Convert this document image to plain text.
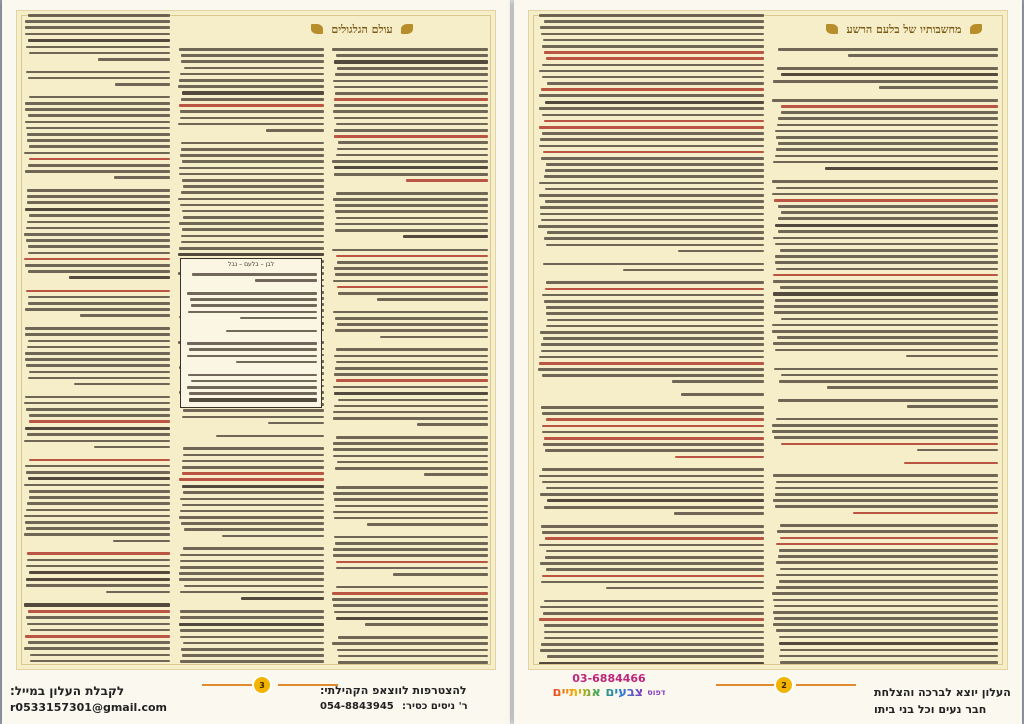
עולם הגלגולים
לבן – בלעם – נבל
3
לקבלת העלון במייל:
r0533157301@gmail.com
להצטרפות לווצאפ הקהילתי:
ר' ניסים כסיר:
054-8843945
מחשבותיו של בלעם הרשע
03-6884466
צבעים אמיתיים דפוס
2
העלון יוצא לברכה והצלחת
חבר נעים וכל בני ביתו
